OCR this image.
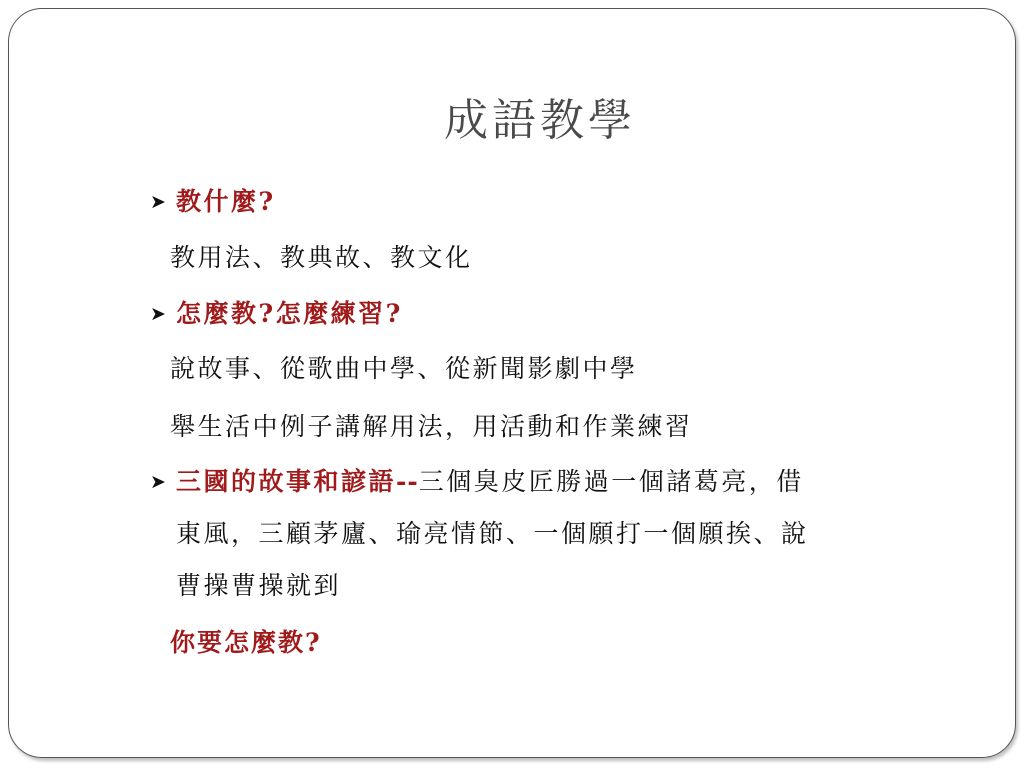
成語教學
➤ 教什麼?
教用法、教典故、教文化
➤ 怎麼教?怎麼練習?
說故事、從歌曲中學、從新聞影劇中學
舉生活中例子講解用法，用活動和作業練習
➤ 三國的故事和諺語--三個臭皮匠勝過一個諸葛亮，借
東風，三顧茅廬、瑜亮情節、一個願打一個願挨、說
曹操曹操就到
你要怎麼教?
